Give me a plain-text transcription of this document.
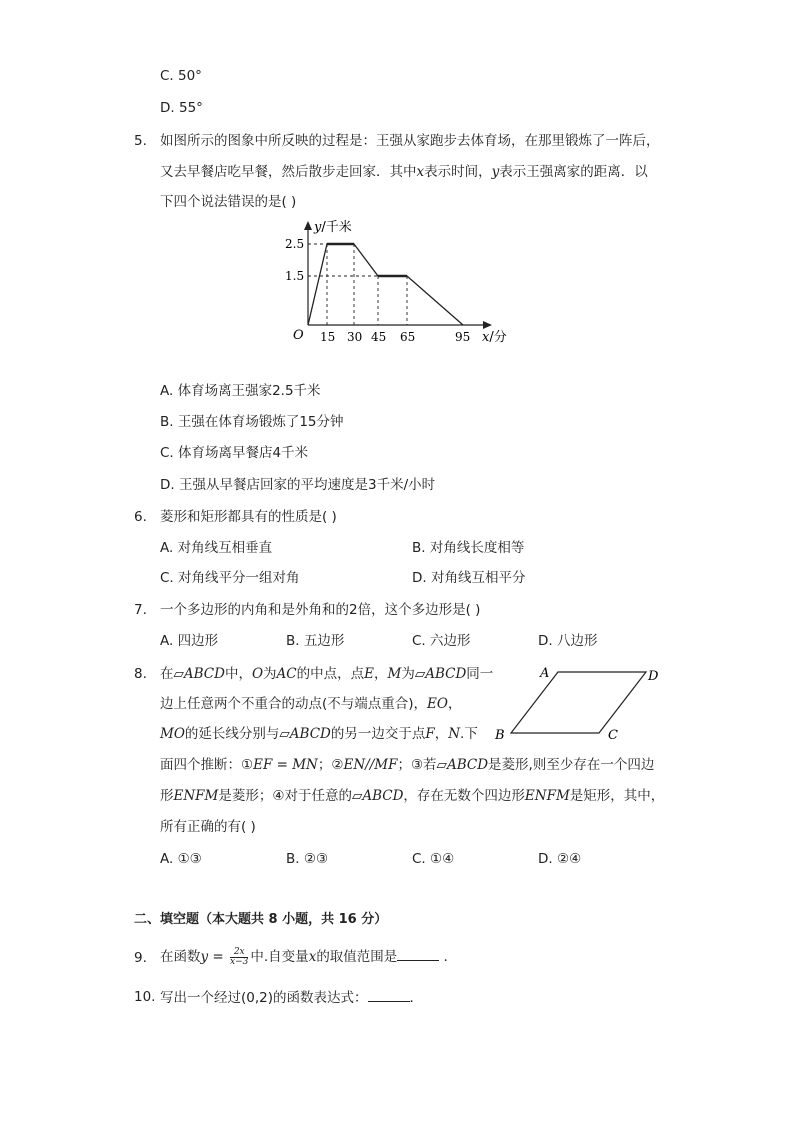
C. 50°
D. 55°
5. 如图所示的图象中所反映的过程是：王强从家跑步去体育场，在那里锻炼了一阵后，
又去早餐店吃早餐，然后散步走回家．其中x表示时间，y表示王强离家的距离．以
下四个说法错误的是( )
y/千米
2.5
1.5
O 15 30 45 65	95 x/分
A. 体育场离王强家2.5千米
B. 王强在体育场锻炼了15分钟
C. 体育场离早餐店4千米
D. 王强从早餐店回家的平均速度是3千米/小时
6. 菱形和矩形都具有的性质是( )
A. 对角线互相垂直	B. 对角线长度相等
C. 对角线平分一组对角	D. 对角线互相平分
7. 一个多边形的内角和是外角和的2倍，这个多边形是( )
A. 四边形	B. 五边形	C. 六边形	D. 八边形
8. 在▱ABCD中，O为AC的中点，点E，M为▱ABCD同一
边上任意两个不重合的动点(不与端点重合)，EO，
MO的延长线分别与▱ABCD的另一边交于点F，N.下
面四个推断：①EF = MN；②EN//MF；③若▱ABCD是菱形,则至少存在一个四边
形ENFM是菱形；④对于任意的▱ABCD，存在无数个四边形ENFM是矩形，其中，
所有正确的有( )
A	D
B	C
A. ①③	B. ②③	C. ①④	D. ②④
二、填空题（本大题共 8 小题，共 16 分）
9. 在函数$y = \frac{2x}{x-3}$ 中.自变量x的取值范围是	．
10. 写出一个经过(0,2)的函数表达式：	．
